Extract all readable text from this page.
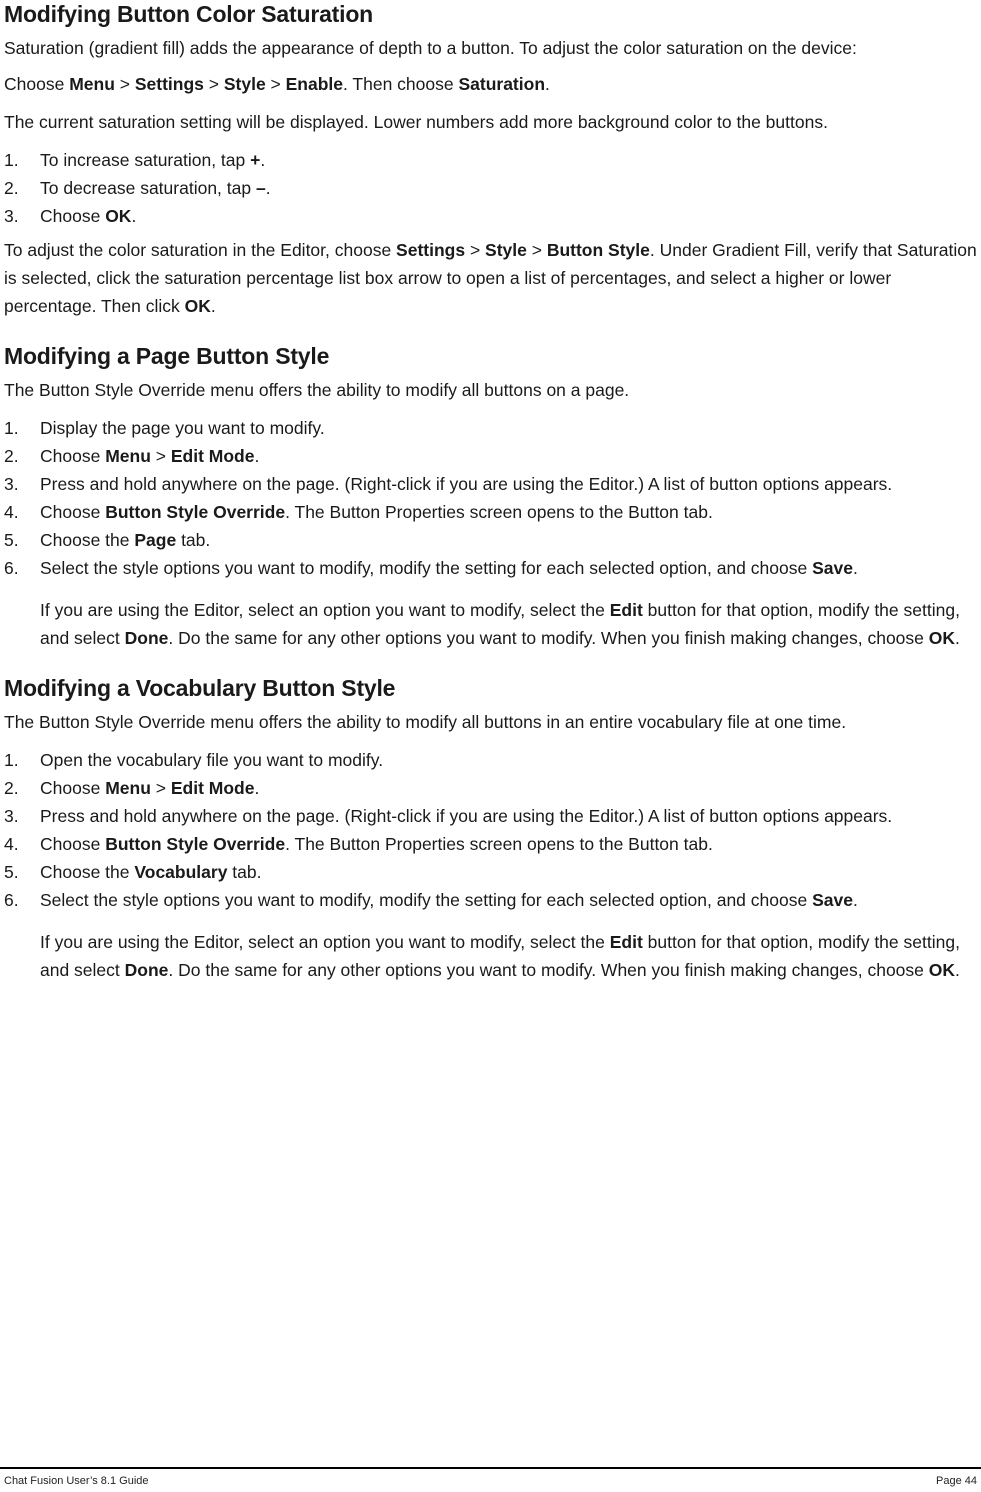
Modifying Button Color Saturation

Saturation (gradient fill) adds the appearance of depth to a button. To adjust the color saturation on the device:

Choose Menu > Settings > Style > Enable. Then choose Saturation.

The current saturation setting will be displayed. Lower numbers add more background color to the buttons.

1. To increase saturation, tap +.
2. To decrease saturation, tap –.
3. Choose OK.

To adjust the color saturation in the Editor, choose Settings > Style > Button Style. Under Gradient Fill, verify that Saturation is selected, click the saturation percentage list box arrow to open a list of percentages, and select a higher or lower percentage. Then click OK.

Modifying a Page Button Style

The Button Style Override menu offers the ability to modify all buttons on a page.

1. Display the page you want to modify.
2. Choose Menu > Edit Mode.
3. Press and hold anywhere on the page. (Right-click if you are using the Editor.) A list of button options appears.
4. Choose Button Style Override. The Button Properties screen opens to the Button tab.
5. Choose the Page tab.
6. Select the style options you want to modify, modify the setting for each selected option, and choose Save.

If you are using the Editor, select an option you want to modify, select the Edit button for that option, modify the setting, and select Done. Do the same for any other options you want to modify. When you finish making changes, choose OK.

Modifying a Vocabulary Button Style

The Button Style Override menu offers the ability to modify all buttons in an entire vocabulary file at one time.

1. Open the vocabulary file you want to modify.
2. Choose Menu > Edit Mode.
3. Press and hold anywhere on the page. (Right-click if you are using the Editor.) A list of button options appears.
4. Choose Button Style Override. The Button Properties screen opens to the Button tab.
5. Choose the Vocabulary tab.
6. Select the style options you want to modify, modify the setting for each selected option, and choose Save.

If you are using the Editor, select an option you want to modify, select the Edit button for that option, modify the setting, and select Done. Do the same for any other options you want to modify. When you finish making changes, choose OK.

Chat Fusion User’s 8.1 Guide	Page 44
